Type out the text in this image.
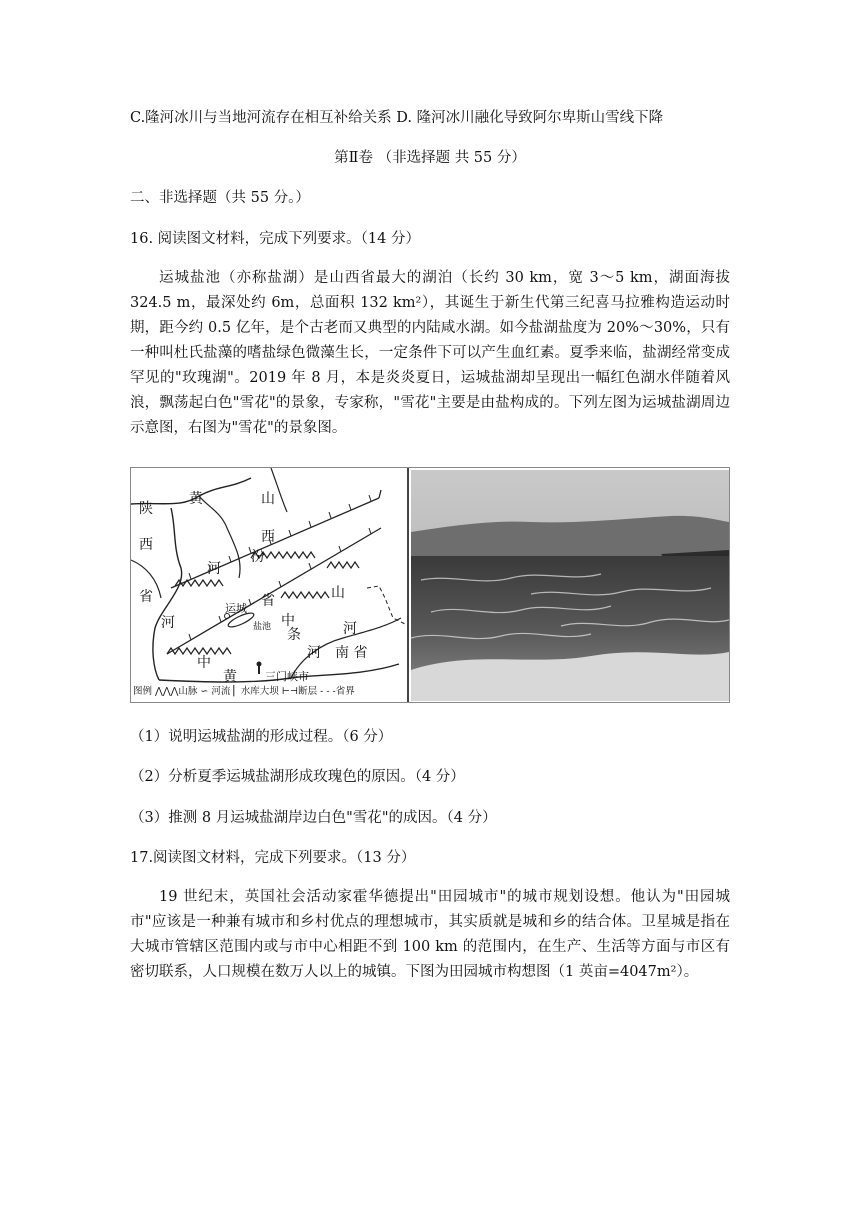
C.隆河冰川与当地河流存在相互补给关系 D. 隆河冰川融化导致阿尔卑斯山雪线下降
第Ⅱ卷 （非选择题 共 55 分）
二、非选择题（共 55 分。）
16. 阅读图文材料，完成下列要求。（14 分）
运城盐池（亦称盐湖）是山西省最大的湖泊（长约 30 km，宽 3～5 km，湖面海拔 324.5 m，最深处约 6m，总面积 132 km²），其诞生于新生代第三纪喜马拉雅构造运动时期，距今约 0.5 亿年，是个古老而又典型的内陆咸水湖。如今盐湖盐度为 20%～30%，只有一种叫杜氏盐藻的嗜盐绿色微藻生长，一定条件下可以产生血红素。夏季来临，盐湖经常变成罕见的"玫瑰湖"。2019 年 8 月，本是炎炎夏日，运城盐湖却呈现出一幅红色湖水伴随着风浪，飘荡起白色"雪花"的景象，专家称，"雪花"主要是由盐构成的。下列左图为运城盐湖周边示意图，右图为"雪花"的景象图。
陕
西
省
黄	山
西
汾
河
河
运城 省
中
条
山
河
河　南 省
中
黄	三门峡市
盐池
图例 ⋀⋀⋀山脉 ∽ 河流 ▏水库大坝 ⊢⊣断层 - - -省界
（1）说明运城盐湖的形成过程。（6 分）
（2）分析夏季运城盐湖形成玫瑰色的原因。（4 分）
（3）推测 8 月运城盐湖岸边白色"雪花"的成因。（4 分）
17.阅读图文材料，完成下列要求。（13 分）
19 世纪末，英国社会活动家霍华德提出"田园城市"的城市规划设想。他认为"田园城市"应该是一种兼有城市和乡村优点的理想城市，其实质就是城和乡的结合体。卫星城是指在大城市管辖区范围内或与市中心相距不到 100 km 的范围内，在生产、生活等方面与市区有密切联系，人口规模在数万人以上的城镇。下图为田园城市构想图（1 英亩=4047m²）。
